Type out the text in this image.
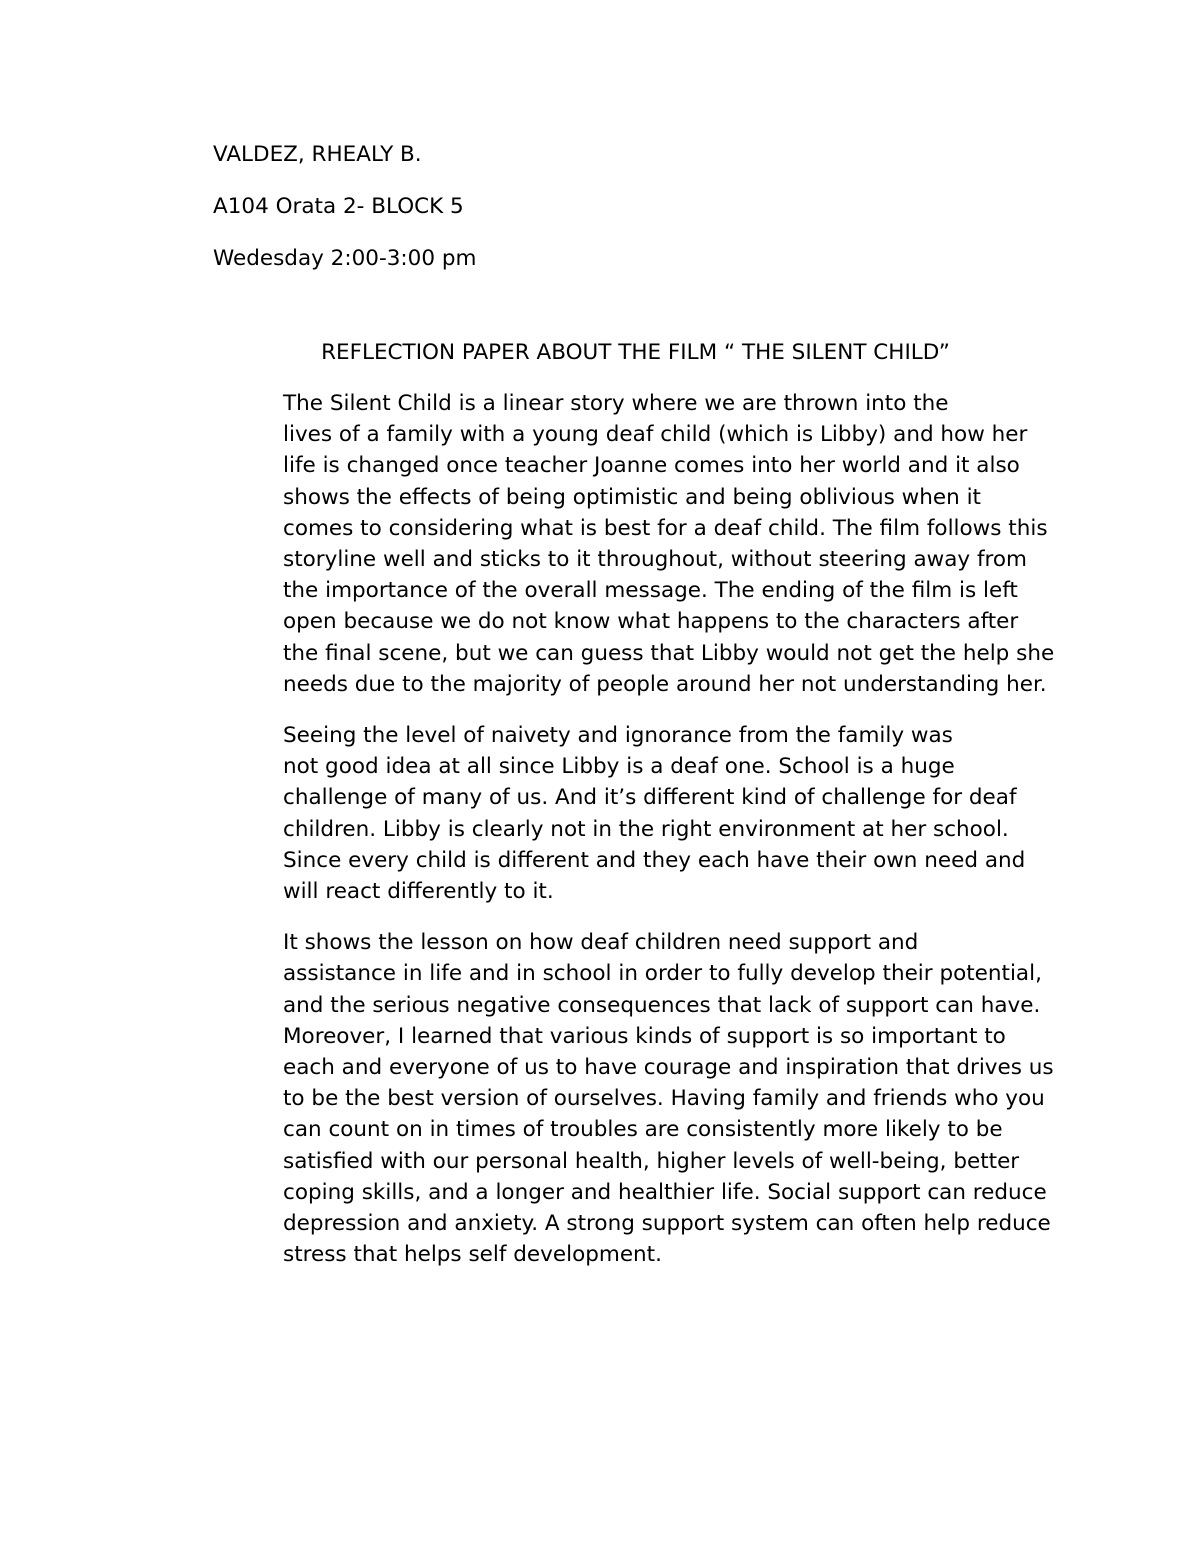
VALDEZ, RHEALY B.

A104 Orata 2- BLOCK 5

Wedesday 2:00-3:00 pm

REFLECTION PAPER ABOUT THE FILM “ THE SILENT CHILD”

The Silent Child is a linear story where we are thrown into the
lives of a family with a young deaf child (which is Libby) and how her
life is changed once teacher Joanne comes into her world and it also
shows the effects of being optimistic and being oblivious when it
comes to considering what is best for a deaf child. The film follows this
storyline well and sticks to it throughout, without steering away from
the importance of the overall message. The ending of the film is left
open because we do not know what happens to the characters after
the final scene, but we can guess that Libby would not get the help she
needs due to the majority of people around her not understanding her.

Seeing the level of naivety and ignorance from the family was
not good idea at all since Libby is a deaf one. School is a huge
challenge of many of us. And it’s different kind of challenge for deaf
children. Libby is clearly not in the right environment at her school.
Since every child is different and they each have their own need and
will react differently to it.

It shows the lesson on how deaf children need support and
assistance in life and in school in order to fully develop their potential,
and the serious negative consequences that lack of support can have.
Moreover, I learned that various kinds of support is so important to
each and everyone of us to have courage and inspiration that drives us
to be the best version of ourselves. Having family and friends who you
can count on in times of troubles are consistently more likely to be
satisfied with our personal health, higher levels of well-being, better
coping skills, and a longer and healthier life. Social support can reduce
depression and anxiety. A strong support system can often help reduce
stress that helps self development.
